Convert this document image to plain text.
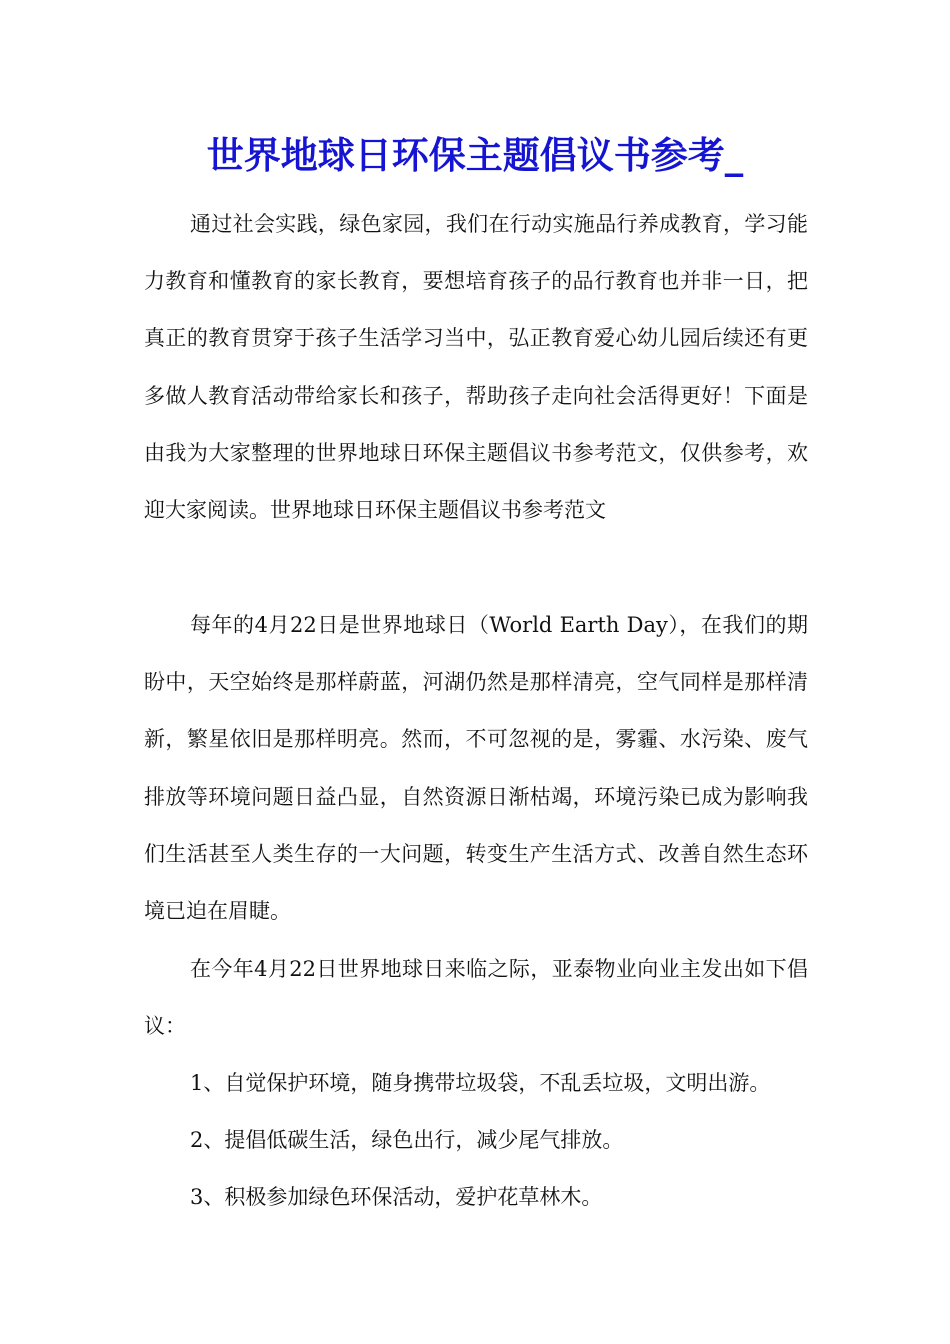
世界地球日环保主题倡议书参考_

通过社会实践，绿色家园，我们在行动实施品行养成教育，学习能力教育和懂教育的家长教育，要想培育孩子的品行教育也并非一日，把真正的教育贯穿于孩子生活学习当中，弘正教育爱心幼儿园后续还有更多做人教育活动带给家长和孩子，帮助孩子走向社会活得更好！下面是由我为大家整理的世界地球日环保主题倡议书参考范文，仅供参考，欢迎大家阅读。世界地球日环保主题倡议书参考范文

每年的4月22日是世界地球日（World Earth Day），在我们的期盼中，天空始终是那样蔚蓝，河湖仍然是那样清亮，空气同样是那样清新，繁星依旧是那样明亮。然而，不可忽视的是，雾霾、水污染、废气排放等环境问题日益凸显，自然资源日渐枯竭，环境污染已成为影响我们生活甚至人类生存的一大问题，转变生产生活方式、改善自然生态环境已迫在眉睫。

在今年4月22日世界地球日来临之际，亚泰物业向业主发出如下倡议：

1、自觉保护环境，随身携带垃圾袋，不乱丢垃圾，文明出游。

2、提倡低碳生活，绿色出行，减少尾气排放。

3、积极参加绿色环保活动，爱护花草林木。
